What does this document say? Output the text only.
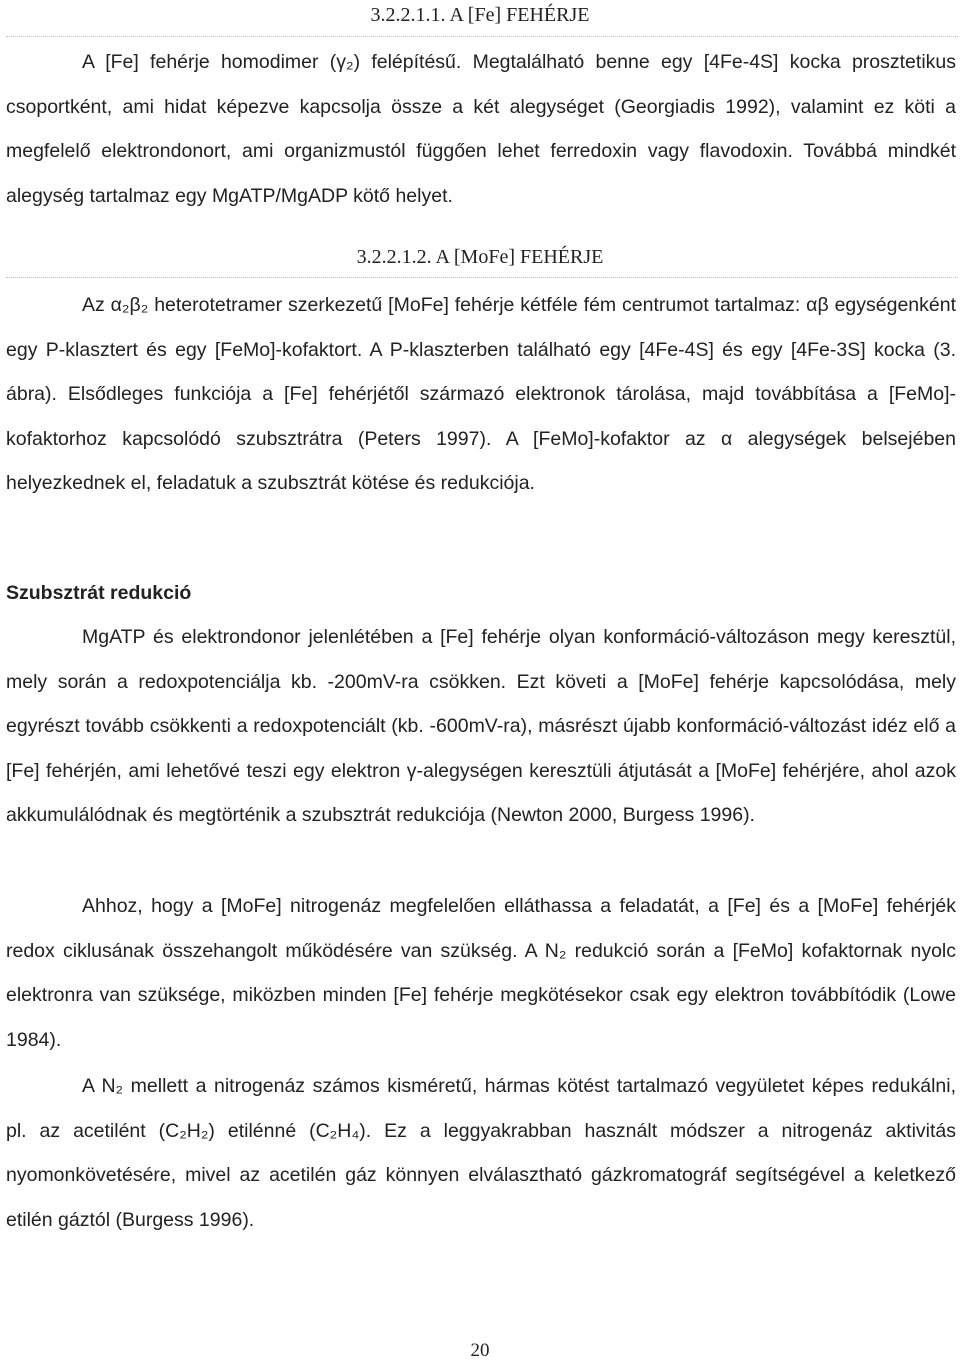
3.2.2.1.1. A [Fe] FEHÉRJE

A [Fe] fehérje homodimer (γ₂) felépítésű. Megtalálható benne egy [4Fe-4S] kocka prosztetikus csoportként, ami hidat képezve kapcsolja össze a két alegységet (Georgiadis 1992), valamint ez köti a megfelelő elektrondonort, ami organizmustól függően lehet ferredoxin vagy flavodoxin. Továbbá mindkét alegység tartalmaz egy MgATP/MgADP kötő helyet.

3.2.2.1.2. A [MoFe] FEHÉRJE

Az α₂β₂ heterotetramer szerkezetű [MoFe] fehérje kétféle fém centrumot tartalmaz: αβ egységenként egy P-klasztert és egy [FeMo]-kofaktort. A P-klaszterben található egy [4Fe-4S] és egy [4Fe-3S] kocka (3. ábra). Elsődleges funkciója a [Fe] fehérjétől származó elektronok tárolása, majd továbbítása a [FeMo]-kofaktorhoz kapcsolódó szubsztrátra (Peters 1997). A [FeMo]-kofaktor az α alegységek belsejében helyezkednek el, feladatuk a szubsztrát kötése és redukciója.

Szubsztrát redukció

MgATP és elektrondonor jelenlétében a [Fe] fehérje olyan konformáció-változáson megy keresztül, mely során a redoxpotenciálja kb. -200mV-ra csökken. Ezt követi a [MoFe] fehérje kapcsolódása, mely egyrészt tovább csökkenti a redoxpotenciált (kb. -600mV-ra), másrészt újabb konformáció-változást idéz elő a [Fe] fehérjén, ami lehetővé teszi egy elektron γ-alegységen keresztüli átjutását a [MoFe] fehérjére, ahol azok akkumulálódnak és megtörténik a szubsztrát redukciója (Newton 2000, Burgess 1996).

Ahhoz, hogy a [MoFe] nitrogenáz megfelelően elláthassa a feladatát, a [Fe] és a [MoFe] fehérjék redox ciklusának összehangolt működésére van szükség. A N₂ redukció során a [FeMo] kofaktornak nyolc elektronra van szüksége, miközben minden [Fe] fehérje megkötésekor csak egy elektron továbbítódik (Lowe 1984).

A N₂ mellett a nitrogenáz számos kisméretű, hármas kötést tartalmazó vegyületet képes redukálni, pl. az acetilént (C₂H₂) etilénné (C₂H₄). Ez a leggyakrabban használt módszer a nitrogenáz aktivitás nyomonkövetésére, mivel az acetilén gáz könnyen elválasztható gázkromatográf segítségével a keletkező etilén gáztól (Burgess 1996).

20
